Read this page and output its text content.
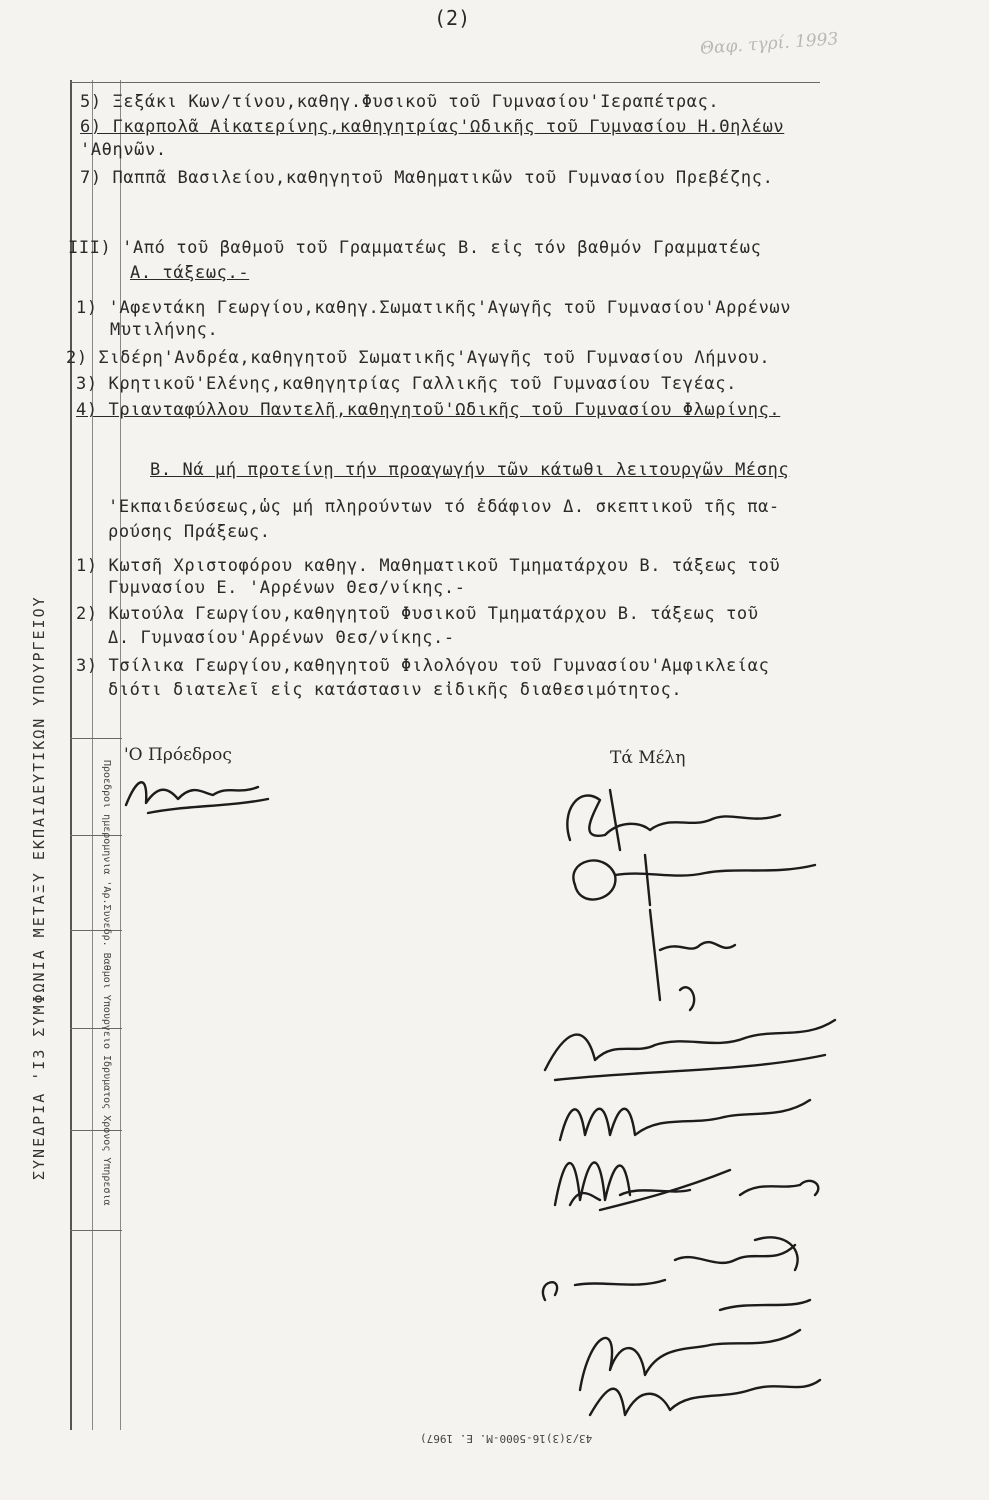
(2)
Θαφ. τγρί. 1993
ΣΥΝΕΔΡΙΑ 'Ι3 ΣΥΜΦΩΝΙΑ ΜΕΤΑΞΥ ΕΚΠΑΙΔΕΥΤΙΚΩΝ ΥΠΟΥΡΓΕΙΟΥ	Προεδροι ημερομηνια 'Αρ.Συνεδρ. Βαθμοι Υπουργειο Ιδρυματος Χρονος Υπηρεσια
5) Ξεξάκι Κων/τίνου,καθηγ.Φυσικοῦ τοῦ Γυμνασίου'Ιεραπέτρας.
6) Γκαρπολᾶ Αἰκατερίνης,καθηγητρίας'Ωδικῆς τοῦ Γυμνασίου Η.Θηλέων
'Αθηνῶν.
7) Παππᾶ Βασιλείου,καθηγητοῦ Μαθηματικῶν τοῦ Γυμνασίου Πρεβέζης.
III) 'Από τοῦ βαθμοῦ τοῦ Γραμματέως Β. εἰς τόν βαθμόν Γραμματέως
Α. τάξεως.-
1) 'Αφεντάκη Γεωργίου,καθηγ.Σωματικῆς'Αγωγῆς τοῦ Γυμνασίου'Αρρένων
Μυτιλήνης.
2) Σιδέρη'Ανδρέα,καθηγητοῦ Σωματικῆς'Αγωγῆς τοῦ Γυμνασίου Λήμνου.
3) Κρητικοῦ'Ελένης,καθηγητρίας Γαλλικῆς τοῦ Γυμνασίου Τεγέας.
4) Τριανταφύλλου Παντελῆ,καθηγητοῦ'Ωδικῆς τοῦ Γυμνασίου Φλωρίνης.
Β. Νά μή προτείνῃ τήν προαγωγήν τῶν κάτωθι λειτουργῶν Μέσης
'Εκπαιδεύσεως,ὡς μή πληρούντων τό ἐδάφιον Δ. σκεπτικοῦ τῆς πα-
ρούσης Πράξεως.
1) Κωτσῆ Χριστοφόρου καθηγ. Μαθηματικοῦ Τμηματάρχου Β. τάξεως τοῦ
Γυμνασίου Ε. 'Αρρένων Θεσ/νίκης.-
2) Κωτούλα Γεωργίου,καθηγητοῦ Φυσικοῦ Τμηματάρχου Β. τάξεως τοῦ
Δ. Γυμνασίου'Αρρένων Θεσ/νίκης.-
3) Τσίλικα Γεωργίου,καθηγητοῦ Φιλολόγου τοῦ Γυμνασίου'Αμφικλείας
διότι διατελεῖ εἰς κατάστασιν εἰδικῆς διαθεσιμότητος.
'Ο Πρόεδρος	Τά Μέλη
43/3(3)16-5000-Μ. Ε. 1967)
